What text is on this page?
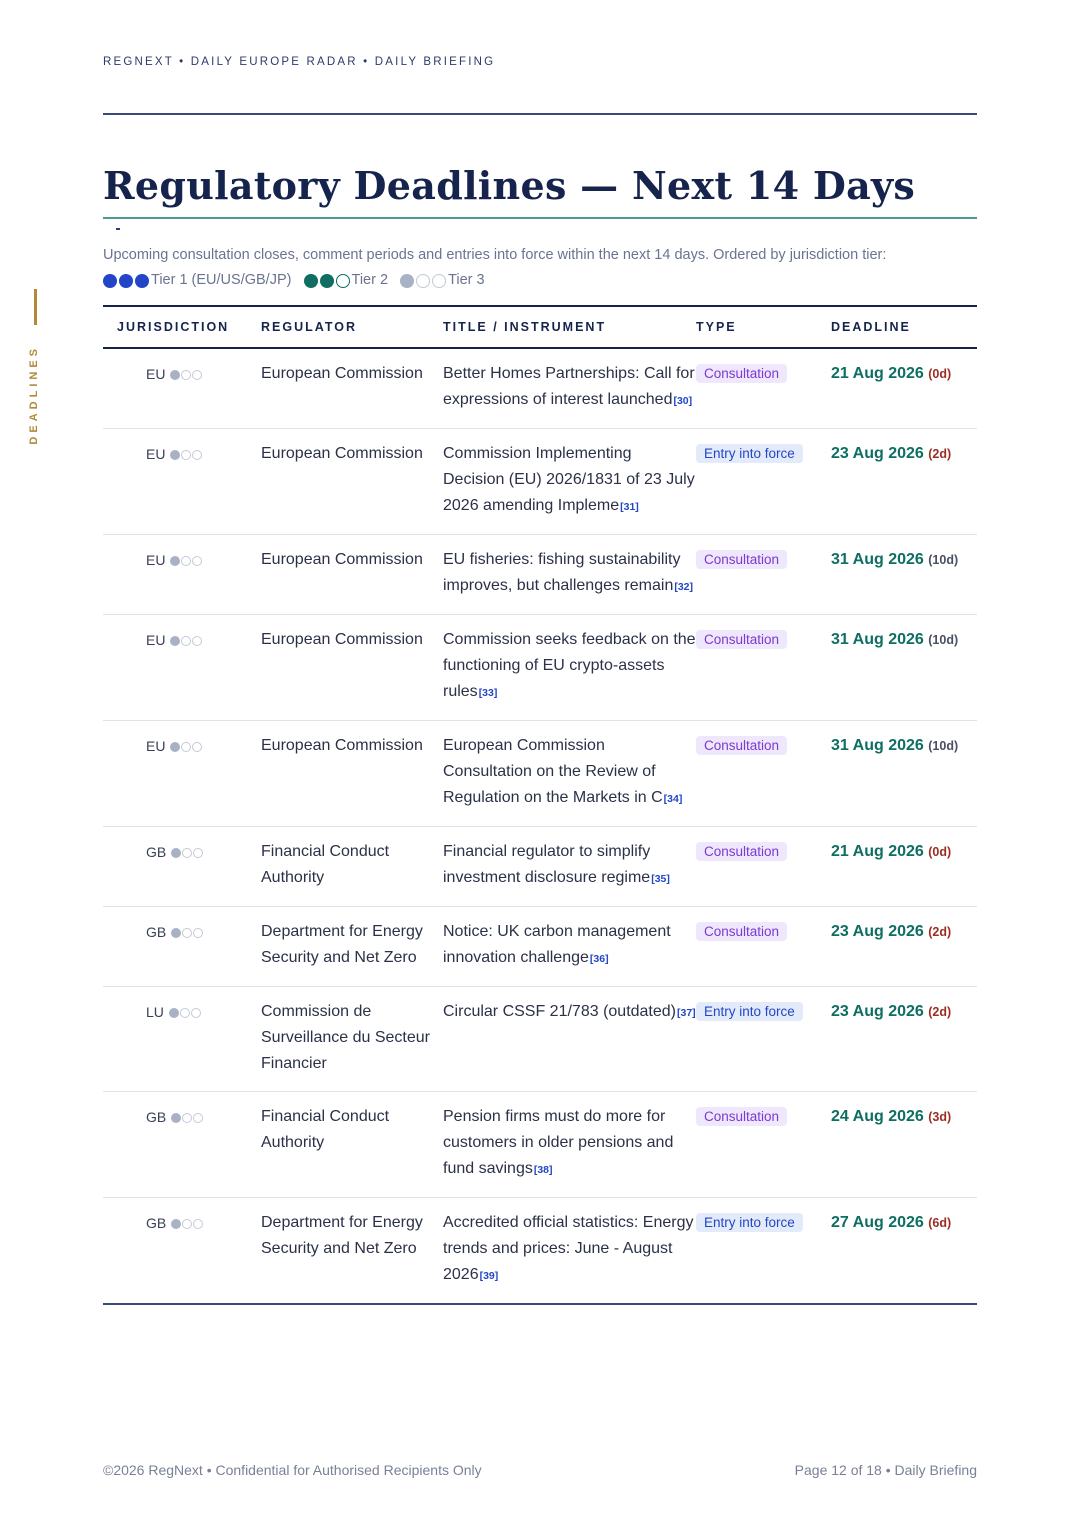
REGNEXT • DAILY EUROPE RADAR • DAILY BRIEFING
DEADLINES
Regulatory Deadlines — Next 14 Days
Upcoming consultation closes, comment periods and entries into force within the next 14 days. Ordered by jurisdiction tier:

Tier 1 (EU/US/GB/JP)
	Tier 2
	Tier 3
JURISDICTION	REGULATOR	TITLE / INSTRUMENT	TYPE	DEADLINE
EU	European Commission	Better Homes Partnerships: Call for expressions of interest launched[30]	Consultation	21 Aug 2026 (0d)
EU	European Commission	Commission Implementing Decision (EU) 2026/1831 of 23 July 2026 amending Impleme[31]	Entry into force	23 Aug 2026 (2d)
EU	European Commission	EU fisheries: fishing sustainability improves, but challenges remain[32]	Consultation	31 Aug 2026 (10d)
EU	European Commission	Commission seeks feedback on the functioning of EU crypto-assets rules[33]	Consultation	31 Aug 2026 (10d)
EU	European Commission	European Commission Consultation on the Review of Regulation on the Markets in C[34]	Consultation	31 Aug 2026 (10d)
GB	Financial Conduct Authority	Financial regulator to simplify investment disclosure regime[35]	Consultation	21 Aug 2026 (0d)
GB	Department for Energy Security and Net Zero	Notice: UK carbon management innovation challenge[36]	Consultation	23 Aug 2026 (2d)
LU	Commission de Surveillance du Secteur Financier	Circular CSSF 21/783 (outdated)[37]	Entry into force	23 Aug 2026 (2d)
GB	Financial Conduct Authority	Pension firms must do more for customers in older pensions and fund savings[38]	Consultation	24 Aug 2026 (3d)
GB	Department for Energy Security and Net Zero	Accredited official statistics: Energy trends and prices: June - August 2026[39]	Entry into force	27 Aug 2026 (6d)
©2026 RegNext • Confidential for Authorised Recipients Only	Page 12 of 18 • Daily Briefing
